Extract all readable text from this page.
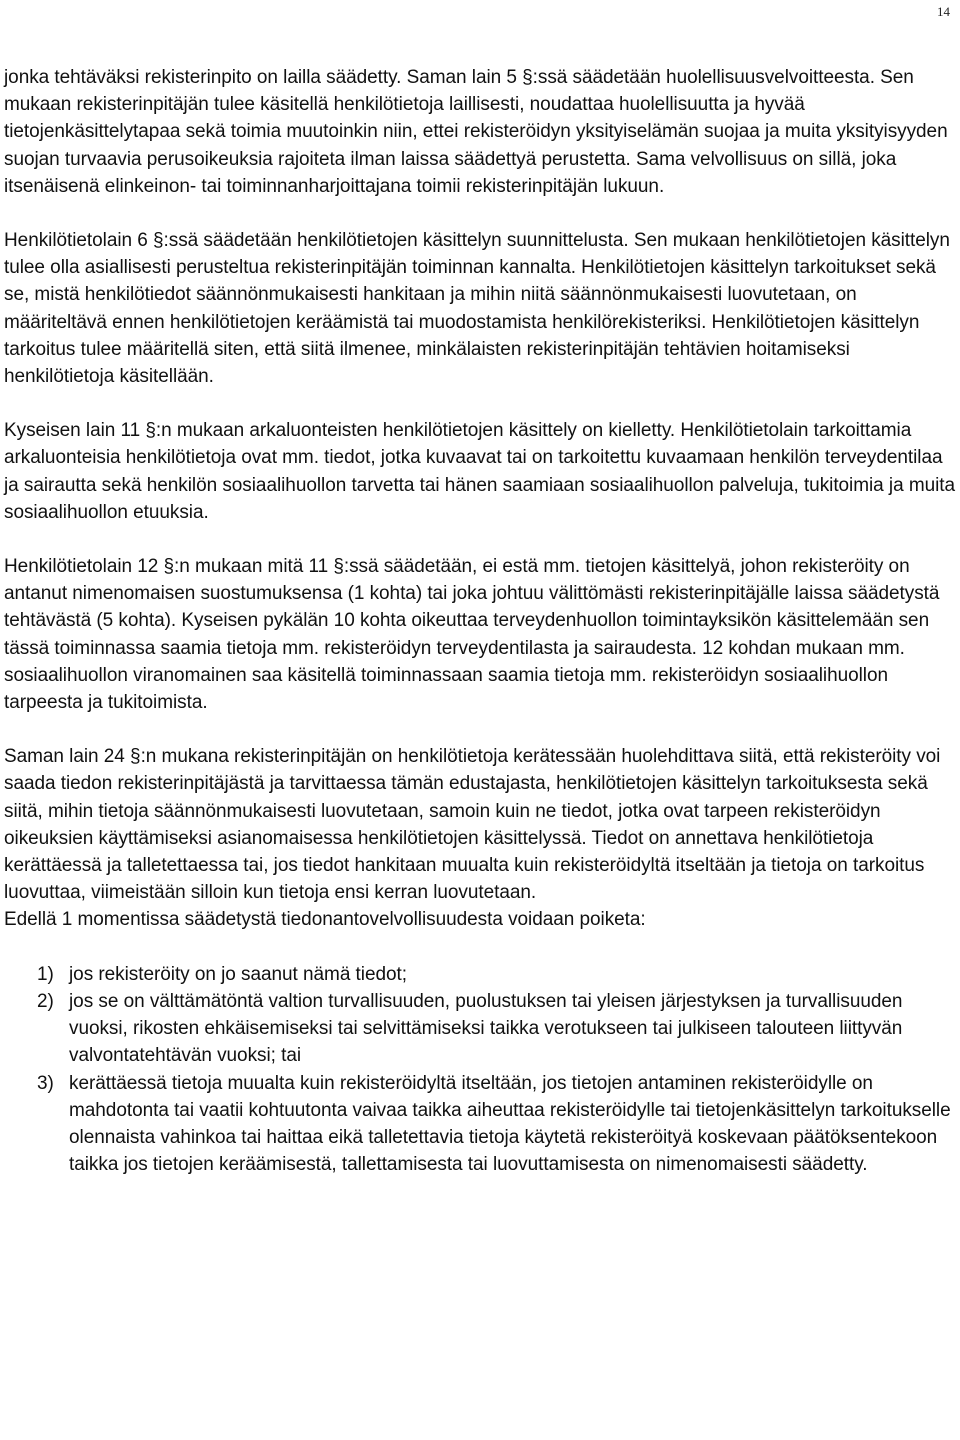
14

jonka tehtäväksi rekisterinpito on lailla säädetty. Saman lain 5 §:ssä säädetään huolellisuusvelvoitteesta. Sen mukaan rekisterinpitäjän tulee käsitellä henkilötietoja laillisesti, noudattaa huolellisuutta ja hyvää tietojenkäsittelytapaa sekä toimia muutoinkin niin, ettei rekisteröidyn yksityiselämän suojaa ja muita yksityisyyden suojan turvaavia perusoikeuksia rajoiteta ilman laissa säädettyä perustetta. Sama velvollisuus on sillä, joka itsenäisenä elinkeinon- tai toiminnanharjoittajana toimii rekisterinpitäjän lukuun.

Henkilötietolain 6 §:ssä säädetään henkilötietojen käsittelyn suunnittelusta. Sen mukaan henkilötietojen käsittelyn tulee olla asiallisesti perusteltua rekisterinpitäjän toiminnan kannalta. Henkilötietojen käsittelyn tarkoitukset sekä se, mistä henkilötiedot säännönmukaisesti hankitaan ja mihin niitä säännönmukaisesti luovutetaan, on määriteltävä ennen henkilötietojen keräämistä tai muodostamista henkilörekisteriksi. Henkilötietojen käsittelyn tarkoitus tulee määritellä siten, että siitä ilmenee, minkälaisten rekisterinpitäjän tehtävien hoitamiseksi henkilötietoja käsitellään.

Kyseisen lain 11 §:n mukaan arkaluonteisten henkilötietojen käsittely on kielletty. Henkilötietolain tarkoittamia arkaluonteisia henkilötietoja ovat mm. tiedot, jotka kuvaavat tai on tarkoitettu kuvaamaan henkilön terveydentilaa ja sairautta sekä henkilön sosiaalihuollon tarvetta tai hänen saamiaan sosiaalihuollon palveluja, tukitoimia ja muita sosiaalihuollon etuuksia.

Henkilötietolain 12 §:n mukaan mitä 11 §:ssä säädetään, ei estä mm. tietojen käsittelyä, johon rekisteröity on antanut nimenomaisen suostumuksensa (1 kohta) tai joka johtuu välittömästi rekisterinpitäjälle laissa säädetystä tehtävästä (5 kohta). Kyseisen pykälän 10 kohta oikeuttaa terveydenhuollon toimintayksikön käsittelemään sen tässä toiminnassa saamia tietoja mm. rekisteröidyn terveydentilasta ja sairaudesta. 12 kohdan mukaan mm. sosiaalihuollon viranomainen saa käsitellä toiminnassaan saamia tietoja mm. rekisteröidyn sosiaalihuollon tarpeesta ja tukitoimista.

Saman lain 24 §:n mukana rekisterinpitäjän on henkilötietoja kerätessään huolehdittava siitä, että rekisteröity voi saada tiedon rekisterinpitäjästä ja tarvittaessa tämän edustajasta, henkilötietojen käsittelyn tarkoituksesta sekä siitä, mihin tietoja säännönmukaisesti luovutetaan, samoin kuin ne tiedot, jotka ovat tarpeen rekisteröidyn oikeuksien käyttämiseksi asianomaisessa henkilötietojen käsittelyssä. Tiedot on annettava henkilötietoja kerättäessä ja talletettaessa tai, jos tiedot hankitaan muualta kuin rekisteröidyltä itseltään ja tietoja on tarkoitus luovuttaa, viimeistään silloin kun tietoja ensi kerran luovutetaan.

Edellä 1 momentissa säädetystä tiedonantovelvollisuudesta voidaan poiketa:

1) jos rekisteröity on jo saanut nämä tiedot;
2) jos se on välttämätöntä valtion turvallisuuden, puolustuksen tai yleisen järjestyksen ja turvallisuuden vuoksi, rikosten ehkäisemiseksi tai selvittämiseksi taikka verotukseen tai julkiseen talouteen liittyvän valvontatehtävän vuoksi; tai
3) kerättäessä tietoja muualta kuin rekisteröidyltä itseltään, jos tietojen antaminen rekisteröidylle on mahdotonta tai vaatii kohtuutonta vaivaa taikka aiheuttaa rekisteröidylle tai tietojenkäsittelyn tarkoitukselle olennaista vahinkoa tai haittaa eikä talletettavia tietoja käytetä rekisteröityä koskevaan päätöksentekoon taikka jos tietojen keräämisestä, tallettamisesta tai luovuttamisesta on nimenomaisesti säädetty.
